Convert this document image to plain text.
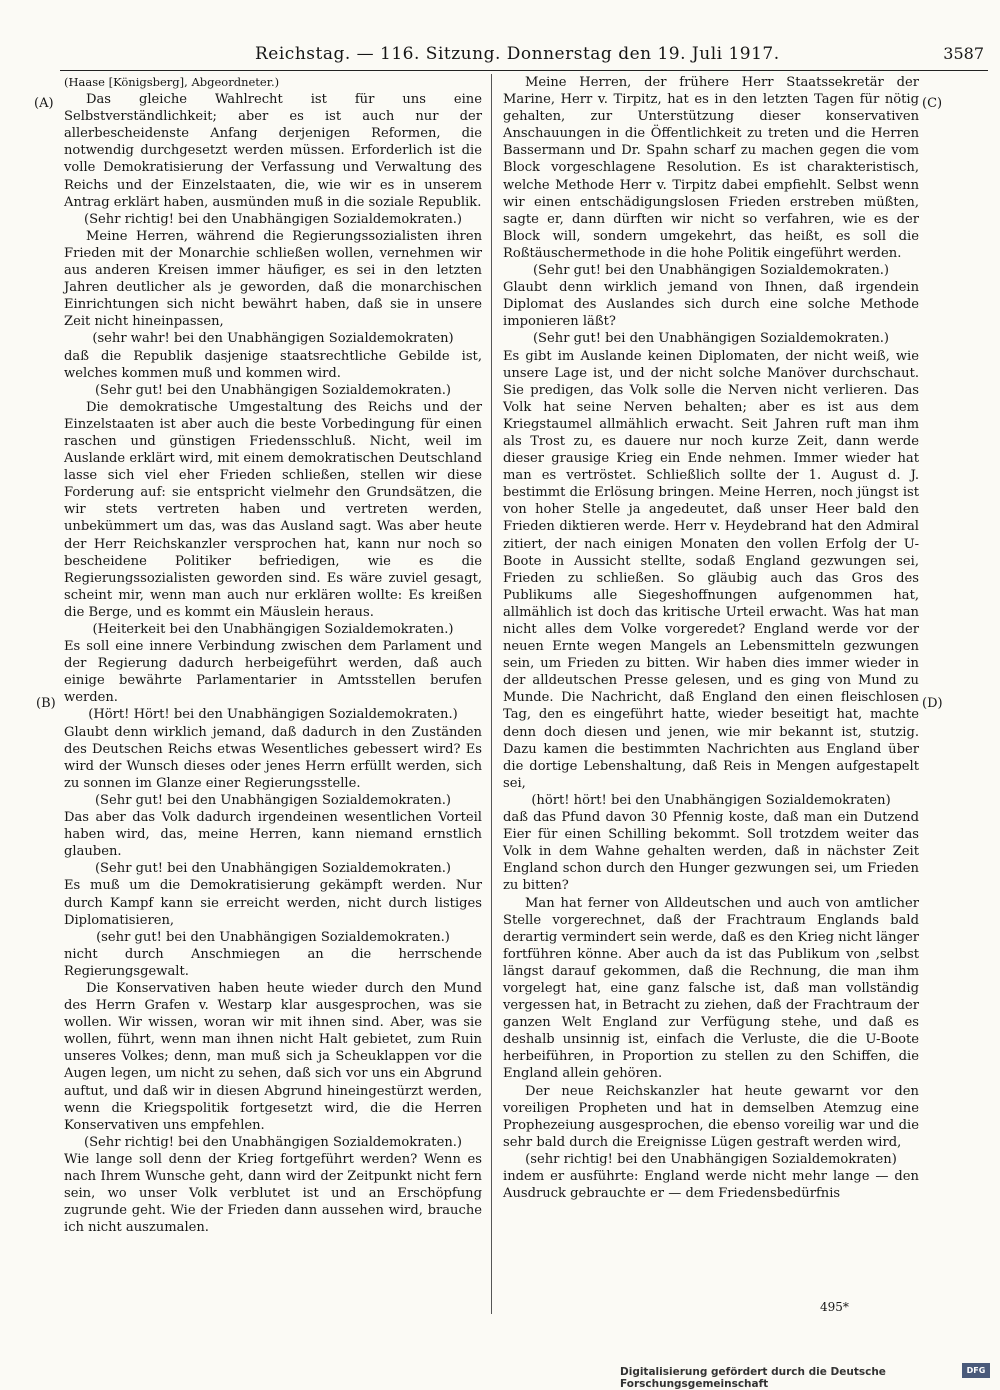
Reichstag. — 116. Sitzung. Donnerstag den 19. Juli 1917.	3587
(A)
(B)
(C)
(D)

(Haase [Königsberg], Abgeordneter.)

Das gleiche Wahlrecht ist für uns eine Selbstverständlichkeit; aber es ist auch nur der allerbescheidenste Anfang derjenigen Reformen, die notwendig durchgesetzt werden müssen. Erforderlich ist die volle Demokratisierung der Verfassung und Verwaltung des Reichs und der Einzelstaaten, die, wie wir es in unserem Antrag erklärt haben, ausmünden muß in die soziale Republik.

(Sehr richtig! bei den Unabhängigen Sozialdemokraten.)

Meine Herren, während die Regierungssozialisten ihren Frieden mit der Monarchie schließen wollen, vernehmen wir aus anderen Kreisen immer häufiger, es sei in den letzten Jahren deutlicher als je geworden, daß die monarchischen Einrichtungen sich nicht bewährt haben, daß sie in unsere Zeit nicht hineinpassen,

(sehr wahr! bei den Unabhängigen Sozialdemokraten)

daß die Republik dasjenige staatsrechtliche Gebilde ist, welches kommen muß und kommen wird.

(Sehr gut! bei den Unabhängigen Sozialdemokraten.)

Die demokratische Umgestaltung des Reichs und der Einzelstaaten ist aber auch die beste Vorbedingung für einen raschen und günstigen Friedensschluß. Nicht, weil im Auslande erklärt wird, mit einem demokratischen Deutschland lasse sich viel eher Frieden schließen, stellen wir diese Forderung auf: sie entspricht vielmehr den Grundsätzen, die wir stets vertreten haben und vertreten werden, unbekümmert um das, was das Ausland sagt. Was aber heute der Herr Reichskanzler versprochen hat, kann nur noch so bescheidene Politiker befriedigen, wie es die Regierungssozialisten geworden sind. Es wäre zuviel gesagt, scheint mir, wenn man auch nur erklären wollte: Es kreißen die Berge, und es kommt ein Mäuslein heraus.

(Heiterkeit bei den Unabhängigen Sozialdemokraten.)

Es soll eine innere Verbindung zwischen dem Parlament und der Regierung dadurch herbeigeführt werden, daß auch einige bewährte Parlamentarier in Amtsstellen berufen werden.

(Hört! Hört! bei den Unabhängigen Sozialdemokraten.)

Glaubt denn wirklich jemand, daß dadurch in den Zuständen des Deutschen Reichs etwas Wesentliches gebessert wird? Es wird der Wunsch dieses oder jenes Herrn erfüllt werden, sich zu sonnen im Glanze einer Regierungsstelle.

(Sehr gut! bei den Unabhängigen Sozialdemokraten.)

Das aber das Volk dadurch irgendeinen wesentlichen Vorteil haben wird, das, meine Herren, kann niemand ernstlich glauben.

(Sehr gut! bei den Unabhängigen Sozialdemokraten.)

Es muß um die Demokratisierung gekämpft werden. Nur durch Kampf kann sie erreicht werden, nicht durch listiges Diplomatisieren,

(sehr gut! bei den Unabhängigen Sozialdemokraten.)

nicht durch Anschmiegen an die herrschende Regierungsgewalt.

Die Konservativen haben heute wieder durch den Mund des Herrn Grafen v. Westarp klar ausgesprochen, was sie wollen. Wir wissen, woran wir mit ihnen sind. Aber, was sie wollen, führt, wenn man ihnen nicht Halt gebietet, zum Ruin unseres Volkes; denn, man muß sich ja Scheuklappen vor die Augen legen, um nicht zu sehen, daß sich vor uns ein Abgrund auftut, und daß wir in diesen Abgrund hineingestürzt werden, wenn die Kriegspolitik fortgesetzt wird, die die Herren Konservativen uns empfehlen.

(Sehr richtig! bei den Unabhängigen Sozialdemokraten.)

Wie lange soll denn der Krieg fortgeführt werden? Wenn es nach Ihrem Wunsche geht, dann wird der Zeitpunkt nicht fern sein, wo unser Volk verblutet ist und an Erschöpfung zugrunde geht. Wie der Frieden dann aussehen wird, brauche ich nicht auszumalen.

Meine Herren, der frühere Herr Staatssekretär der Marine, Herr v. Tirpitz, hat es in den letzten Tagen für nötig gehalten, zur Unterstützung dieser konservativen Anschauungen in die Öffentlichkeit zu treten und die Herren Bassermann und Dr. Spahn scharf zu machen gegen die vom Block vorgeschlagene Resolution. Es ist charakteristisch, welche Methode Herr v. Tirpitz dabei empfiehlt. Selbst wenn wir einen entschädigungslosen Frieden erstreben müßten, sagte er, dann dürften wir nicht so verfahren, wie es der Block will, sondern umgekehrt, das heißt, es soll die Roßtäuschermethode in die hohe Politik eingeführt werden.

(Sehr gut! bei den Unabhängigen Sozialdemokraten.)

Glaubt denn wirklich jemand von Ihnen, daß irgendein Diplomat des Auslandes sich durch eine solche Methode imponieren läßt?

(Sehr gut! bei den Unabhängigen Sozialdemokraten.)

Es gibt im Auslande keinen Diplomaten, der nicht weiß, wie unsere Lage ist, und der nicht solche Manöver durchschaut. Sie predigen, das Volk solle die Nerven nicht verlieren. Das Volk hat seine Nerven behalten; aber es ist aus dem Kriegstaumel allmählich erwacht. Seit Jahren ruft man ihm als Trost zu, es dauere nur noch kurze Zeit, dann werde dieser grausige Krieg ein Ende nehmen. Immer wieder hat man es vertröstet. Schließlich sollte der 1. August d. J. bestimmt die Erlösung bringen. Meine Herren, noch jüngst ist von hoher Stelle ja angedeutet, daß unser Heer bald den Frieden diktieren werde. Herr v. Heydebrand hat den Admiral zitiert, der nach einigen Monaten den vollen Erfolg der U-Boote in Aussicht stellte, sodaß England gezwungen sei, Frieden zu schließen. So gläubig auch das Gros des Publikums alle Siegeshoffnungen aufgenommen hat, allmählich ist doch das kritische Urteil erwacht. Was hat man nicht alles dem Volke vorgeredet? England werde vor der neuen Ernte wegen Mangels an Lebensmitteln gezwungen sein, um Frieden zu bitten. Wir haben dies immer wieder in der alldeutschen Presse gelesen, und es ging von Mund zu Munde. Die Nachricht, daß England den einen fleischlosen Tag, den es eingeführt hatte, wieder beseitigt hat, machte denn doch diesen und jenen, wie mir bekannt ist, stutzig. Dazu kamen die bestimmten Nachrichten aus England über die dortige Lebenshaltung, daß Reis in Mengen aufgestapelt sei,

(hört! hört! bei den Unabhängigen Sozialdemokraten)

daß das Pfund davon 30 Pfennig koste, daß man ein Dutzend Eier für einen Schilling bekommt. Soll trotzdem weiter das Volk in dem Wahne gehalten werden, daß in nächster Zeit England schon durch den Hunger gezwungen sei, um Frieden zu bitten?

Man hat ferner von Alldeutschen und auch von amtlicher Stelle vorgerechnet, daß der Frachtraum Englands bald derartig vermindert sein werde, daß es den Krieg nicht länger fortführen könne. Aber auch da ist das Publikum von ,selbst längst darauf gekommen, daß die Rechnung, die man ihm vorgelegt hat, eine ganz falsche ist, daß man vollständig vergessen hat, in Betracht zu ziehen, daß der Frachtraum der ganzen Welt England zur Verfügung stehe, und daß es deshalb unsinnig ist, einfach die Verluste, die die U-Boote herbeiführen, in Proportion zu stellen zu den Schiffen, die England allein gehören.

Der neue Reichskanzler hat heute gewarnt vor den voreiligen Propheten und hat in demselben Atemzug eine Prophezeiung ausgesprochen, die ebenso voreilig war und die sehr bald durch die Ereignisse Lügen gestraft werden wird,

(sehr richtig! bei den Unabhängigen Sozialdemokraten)

indem er ausführte: England werde nicht mehr lange — den Ausdruck gebrauchte er — dem Friedensbedürfnis

495*
Digitalisierung gefördert durch die Deutsche Forschungsgemeinschaft
DFG
